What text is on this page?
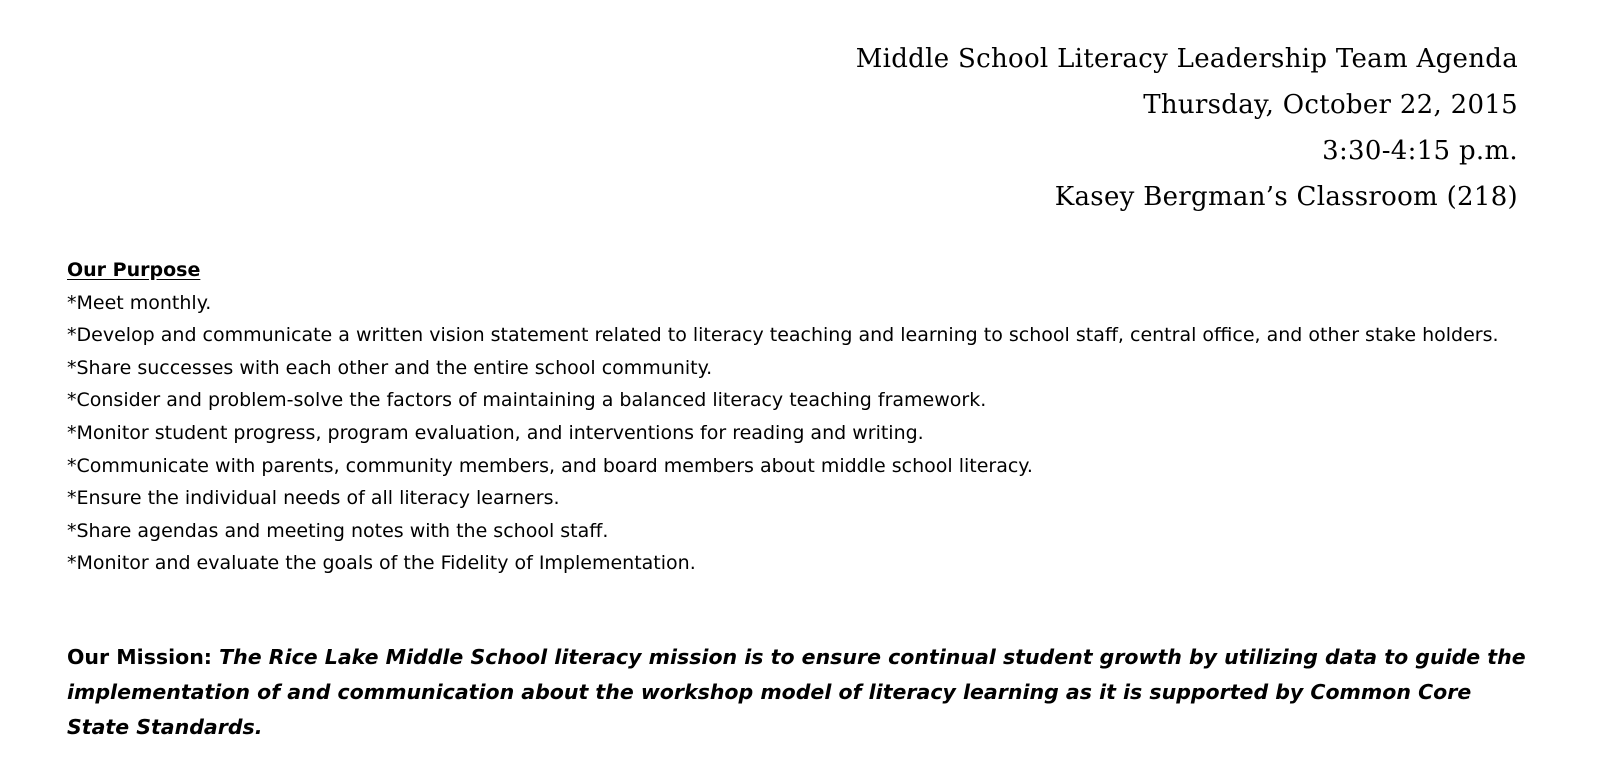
Middle School Literacy Leadership Team Agenda
Thursday, October 22, 2015
3:30-4:15 p.m.
Kasey Bergman’s Classroom (218)
Our Purpose
*Meet monthly.
*Develop and communicate a written vision statement related to literacy teaching and learning to school staff, central office, and other stake holders.
*Share successes with each other and the entire school community.
*Consider and problem-solve the factors of maintaining a balanced literacy teaching framework.
*Monitor student progress, program evaluation, and interventions for reading and writing.
*Communicate with parents, community members, and board members about middle school literacy.
*Ensure the individual needs of all literacy learners.
*Share agendas and meeting notes with the school staff.
*Monitor and evaluate the goals of the Fidelity of Implementation.
Our Mission: The Rice Lake Middle School literacy mission is to ensure continual student growth by utilizing data to guide the implementation of and communication about the workshop model of literacy learning as it is supported by Common Core State Standards.
